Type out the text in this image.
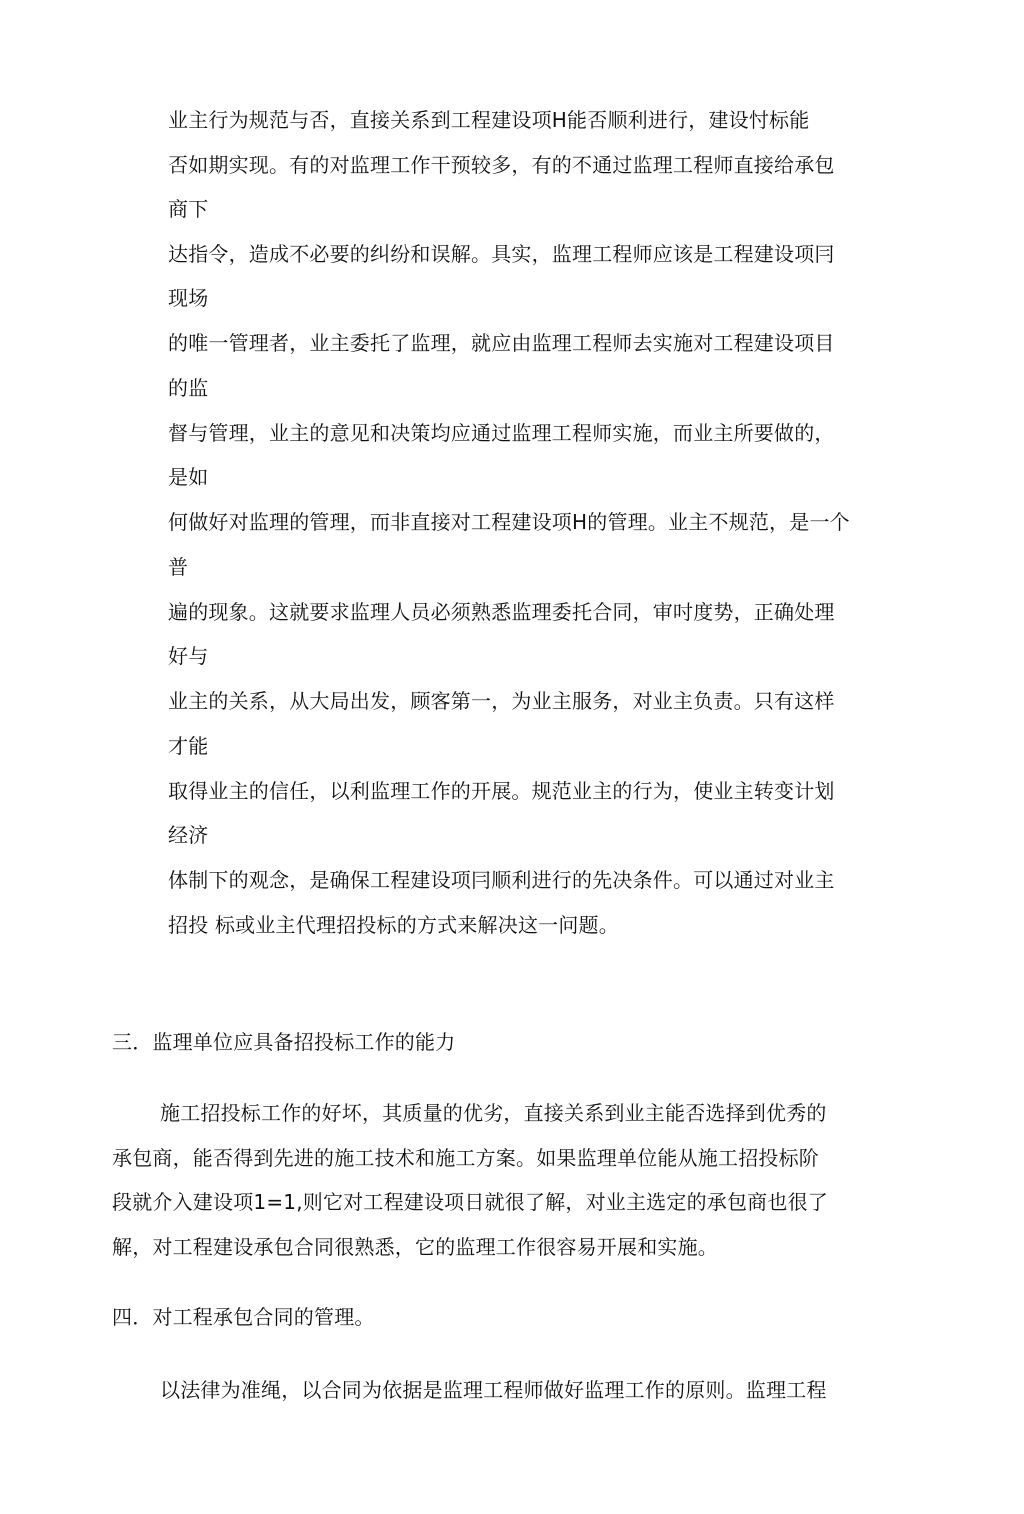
业主行为规范与否，直接关系到工程建设项H能否顺利进行，建设忖标能

否如期实现。有的对监理工作干预较多，有的不通过监理工程师直接给承包

商下

达指令，造成不必要的纠纷和误解。具实，监理工程师应该是工程建设项冃

现场

的唯一管理者，业主委托了监理，就应由监理工程师去实施对工程建设项目

的监

督与管理，业主的意见和决策均应通过监理工程师实施，而业主所要做的，

是如

何做好对监理的管理，而非直接对工程建设项H的管理。业主不规范，是一个

普

遍的现象。这就要求监理人员必须熟悉监理委托合同，审吋度势，正确处理

好与

业主的关系，从大局出发，顾客第一，为业主服务，对业主负责。只有这样

才能

取得业主的信任，以利监理工作的开展。规范业主的行为，使业主转变计划

经济

体制下的观念，是确保工程建设项冃顺利进行的先决条件。可以通过对业主

招投 标或业主代理招投标的方式来解决这一问题。

三．监理单位应具备招投标工作的能力

施工招投标工作的好坏，其质量的优劣，直接关系到业主能否选择到优秀的

承包商，能否得到先进的施工技术和施工方案。如果监理单位能从施工招投标阶

段就介入建设项1=1,则它对工程建设项日就很了解，对业主选定的承包商也很了

解，对工程建设承包合同很熟悉，它的监理工作很容易开展和实施。

四．对工程承包合同的管理。

以法律为准绳，以合同为依据是监理工程师做好监理工作的原则。监理工程
